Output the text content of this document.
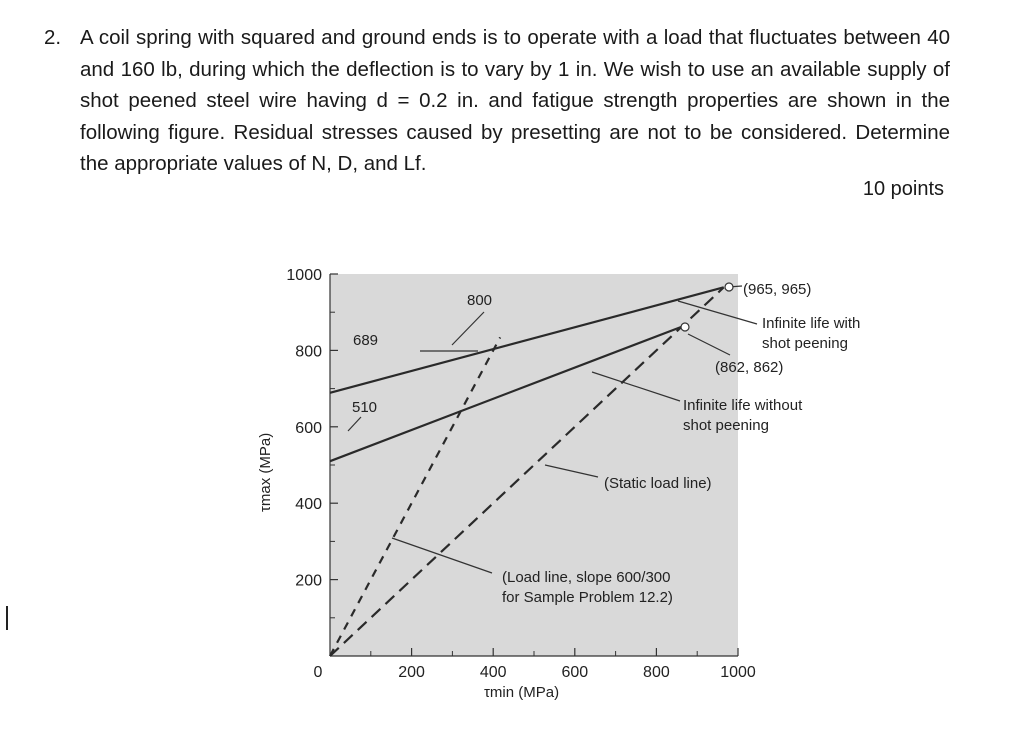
2. A coil spring with squared and ground ends is to operate with a load that fluctuates between 40 and 160 lb, during which the deflection is to vary by 1 in. We wish to use an available supply of shot peened steel wire having d = 0.2 in. and fatigue strength properties are shown in the following figure. Residual stresses caused by presetting are not to be considered. Determine the appropriate values of N, D, and Lf.
10 points
0	200	400	600	800	1000
200
400
600
800
1000
800
689
510
(965, 965)
(862, 862)
Infinite life with shot peening
Infinite life without shot peening
(Static load line)
(Load line, slope 600/300 for Sample Problem 12.2)
τmin (MPa)
τmax (MPa)
